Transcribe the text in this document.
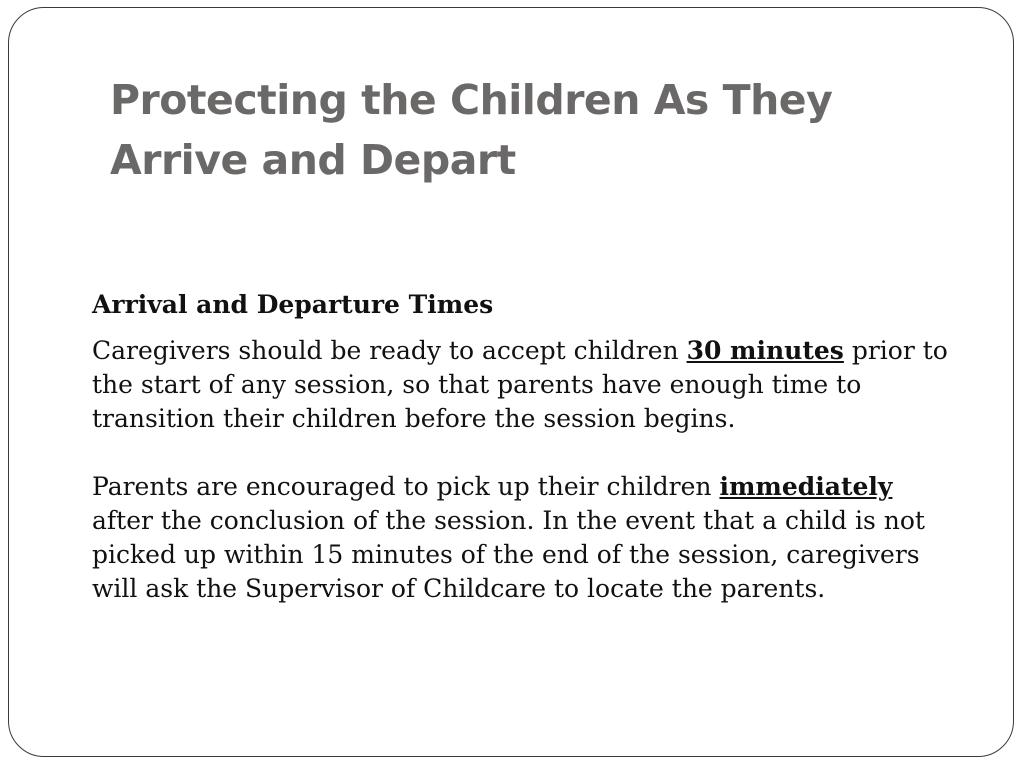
Protecting the Children As They Arrive and Depart

Arrival and Departure Times

Caregivers should be ready to accept children 30 minutes prior to the start of any session, so that parents have enough time to transition their children before the session begins.

Parents are encouraged to pick up their children immediately after the conclusion of the session. In the event that a child is not picked up within 15 minutes of the end of the session, caregivers will ask the Supervisor of Childcare to locate the parents.
